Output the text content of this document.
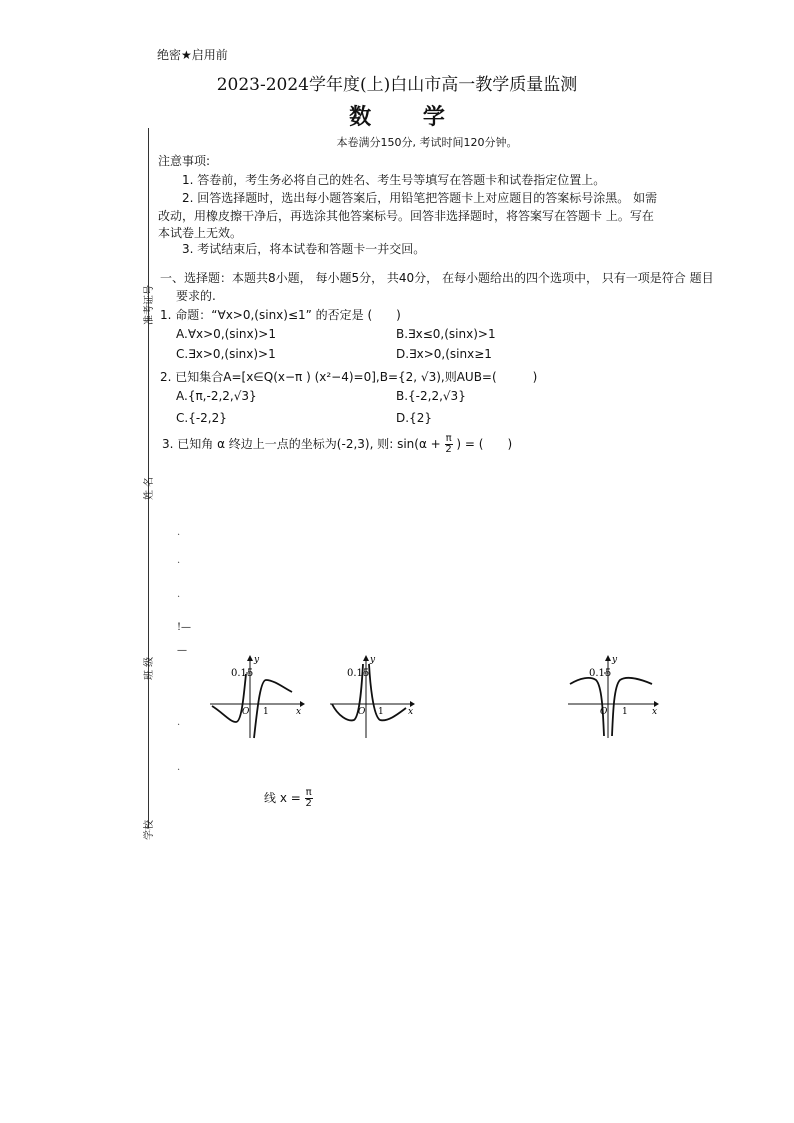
绝密★启用前
2023-2024学年度(上)白山市高一教学质量监测
数 学
本卷满分150分, 考试时间120分钟。
准考证号
姓 名
班 级
学校
注意事项:
1. 答卷前，考生务必将自己的姓名、考生号等填写在答题卡和试卷指定位置上。
2. 回答选择题时，选出每小题答案后，用铅笔把答题卡上对应题目的答案标号涂黑。 如需
改动，用橡皮擦干净后，再选涂其他答案标号。回答非选择题时，将答案写在答题卡 上。写在
本试卷上无效。
3. 考试结束后，将本试卷和答题卡一并交回。
一、选择题：本题共8小题， 每小题5分， 共40分， 在每小题给出的四个选项中， 只有一项是符合 题目
要求的.
1. 命题：“∀x>0,(sinx)≤1” 的否定是 (　　)
A.∀x>0,(sinx)>1	B.∃x≤0,(sinx)>1
C.∃x>0,(sinx)>1	D.∃x>0,(sinx≥1
2. 已知集合A=[x∈Q(x−π ) (x²−4)=0],B={2, √3),则AUB=(　　　)
A.{π,-2,2,√3}	B.{-2,2,√3}
C.{-2,2}	D.{2}
3. 已知角 α 终边上一点的坐标为(-2,3), 则: $\sin(\alpha + \frac{\pi}{2}$ ) = (　　)
·
·
·
!—
—
·
·
0.15
y
x
O 1
0.15
y
x
O 1
0.15
y
x
O 1
线 $x = \frac{\pi}{2}$
